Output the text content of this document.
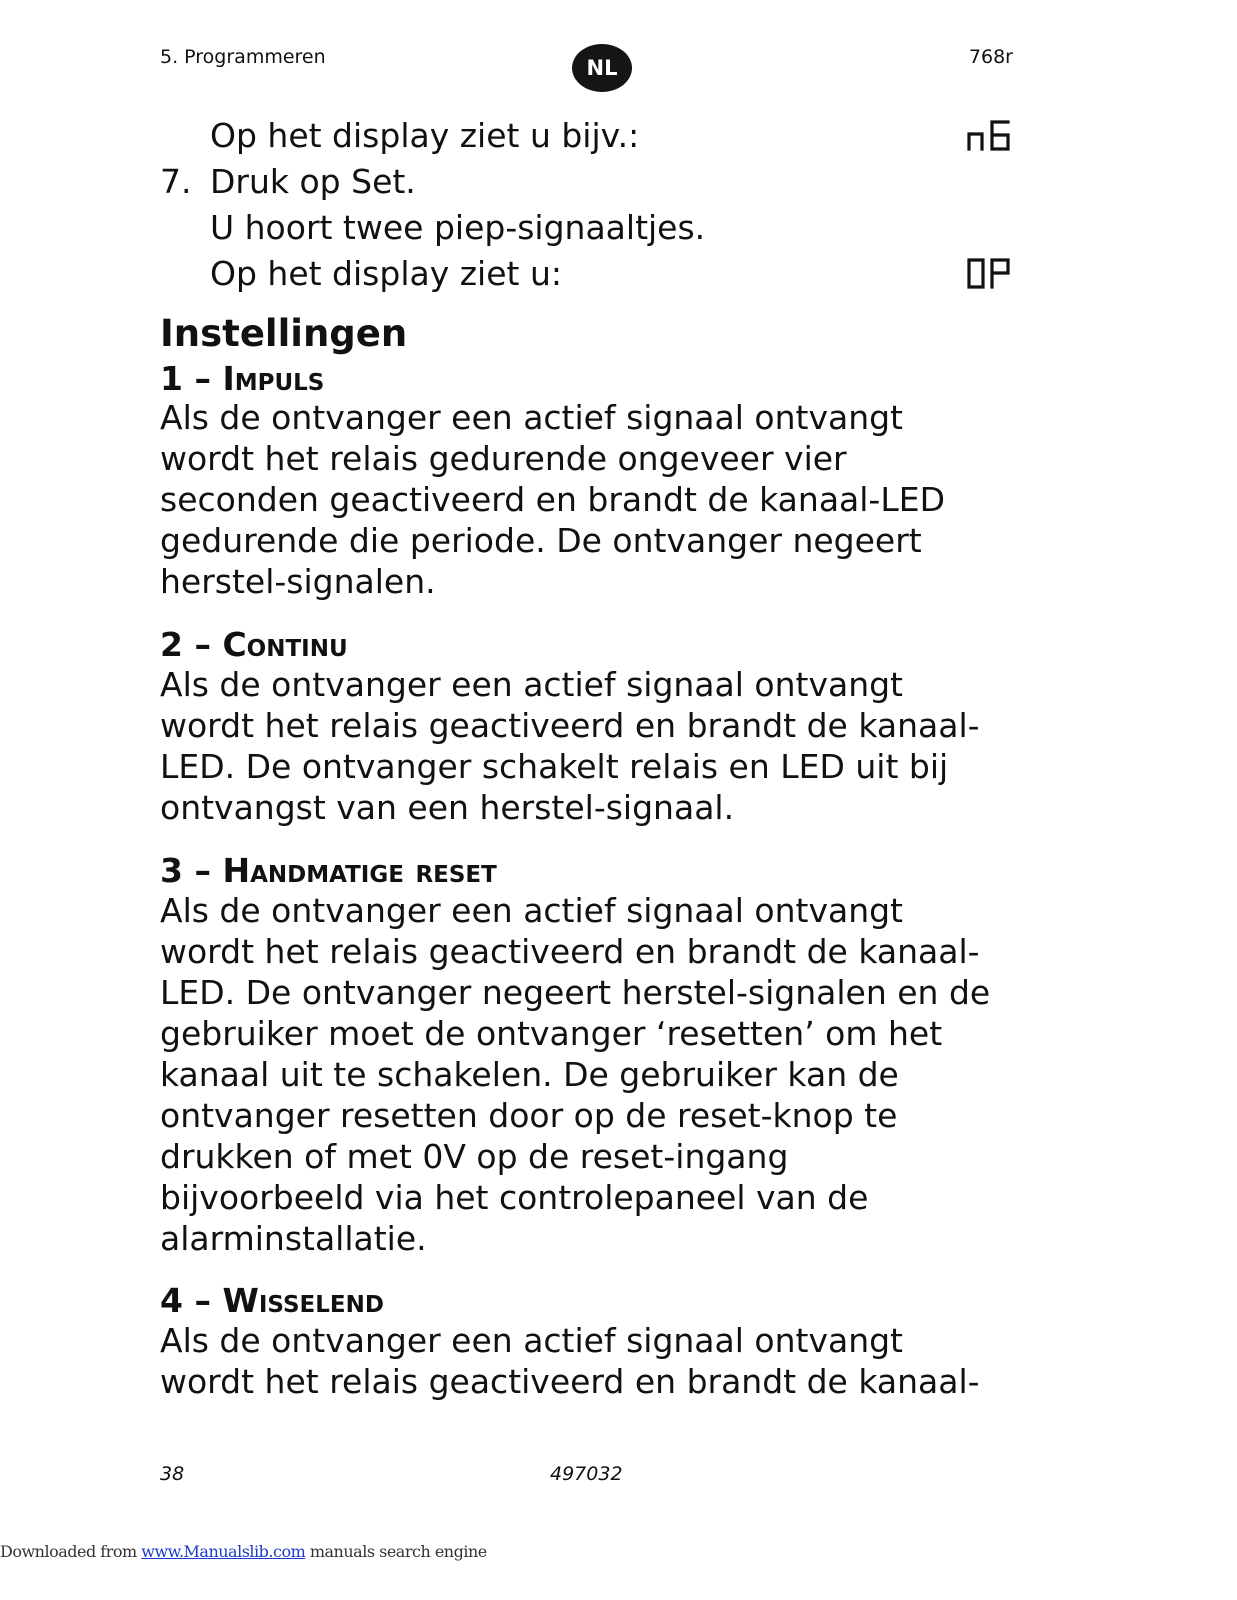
5. Programmeren	NL	768r
Op het display ziet u bijv.:
7. Druk op Set.
U hoort twee piep-signaaltjes.
Op het display ziet u:
Instellingen
1 – Impuls

Als de ontvanger een actief signaal ontvangt

wordt het relais gedurende ongeveer vier

seconden geactiveerd en brandt de kanaal-LED

gedurende die periode. De ontvanger negeert

herstel-signalen.

2 – Continu

Als de ontvanger een actief signaal ontvangt

wordt het relais geactiveerd en brandt de kanaal-

LED. De ontvanger schakelt relais en LED uit bij

ontvangst van een herstel-signaal.

3 – Handmatige reset

Als de ontvanger een actief signaal ontvangt

wordt het relais geactiveerd en brandt de kanaal-

LED. De ontvanger negeert herstel-signalen en de

gebruiker moet de ontvanger ‘resetten’ om het

kanaal uit te schakelen. De gebruiker kan de

ontvanger resetten door op de reset-knop te

drukken of met 0V op de reset-ingang

bijvoorbeeld via het controlepaneel van de

alarminstallatie.

4 – Wisselend

Als de ontvanger een actief signaal ontvangt

wordt het relais geactiveerd en brandt de kanaal-

38	497032
Downloaded from www.Manualslib.com manuals search engine
